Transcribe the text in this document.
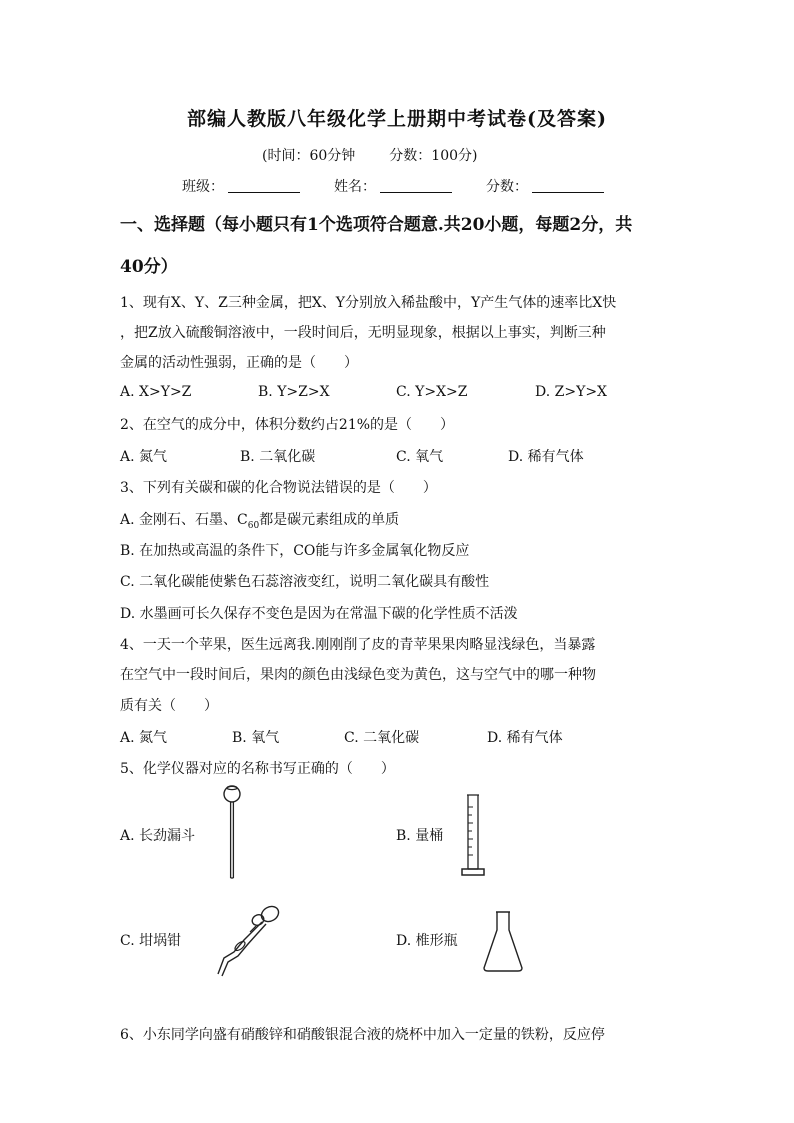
部编人教版八年级化学上册期中考试卷(及答案)
(时间：60分钟 分数：100分)
班级：	姓名：	分数：
一、选择题（每小题只有1个选项符合题意.共20小题，每题2分，共
40分）
1、现有X、Y、Z三种金属，把X、Y分别放入稀盐酸中，Y产生气体的速率比X快
，把Z放入硫酸铜溶液中，一段时间后，无明显现象，根据以上事实，判断三种
金属的活动性强弱，正确的是（　　）
A. X>Y>Z	B. Y>Z>X	C. Y>X>Z	D. Z>Y>X
2、在空气的成分中，体积分数约占21%的是（　　）
A. 氮气	B. 二氧化碳	C. 氧气	D. 稀有气体
3、下列有关碳和碳的化合物说法错误的是（　　）
A. 金刚石、石墨、$C_{60}$都是碳元素组成的单质
B. 在加热或高温的条件下，CO能与许多金属氧化物反应
C. 二氧化碳能使紫色石蕊溶液变红，说明二氧化碳具有酸性
D. 水墨画可长久保存不变色是因为在常温下碳的化学性质不活泼
4、一天一个苹果，医生远离我.刚刚削了皮的青苹果果肉略显浅绿色，当暴露
在空气中一段时间后，果肉的颜色由浅绿色变为黄色，这与空气中的哪一种物
质有关（　　）
A. 氮气	B. 氧气	C. 二氧化碳	D. 稀有气体
5、化学仪器对应的名称书写正确的（　　）
A. 长劲漏斗	B. 量桶
C. 坩埚钳	D. 椎形瓶
6、小东同学向盛有硝酸锌和硝酸银混合液的烧杯中加入一定量的铁粉，反应停
